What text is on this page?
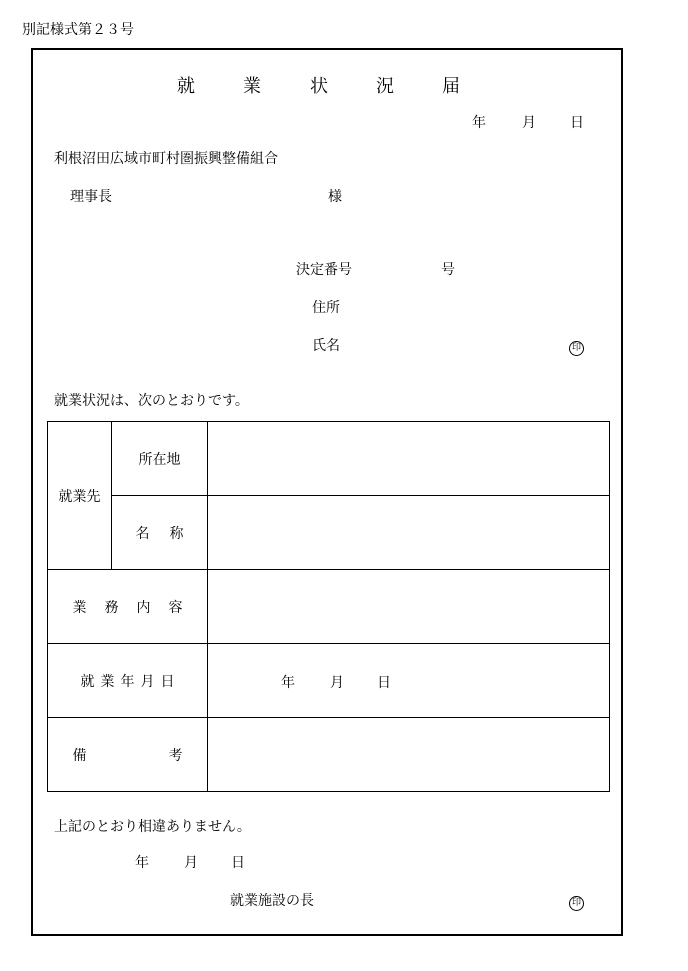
別記様式第２３号
就	業	状	況	届
年	月 日
利根沼田広域市町村圏振興整備組合
理事長	様
決定番号	号
住所
氏名	印
就業状況は、次のとおりです。
就業先	所在地	
	名 称	
業 務 内 容		
就 業 年 月 日		年 月 日

備 考		
上記のとおり相違ありません。
年	月 日
就業施設の長	印
